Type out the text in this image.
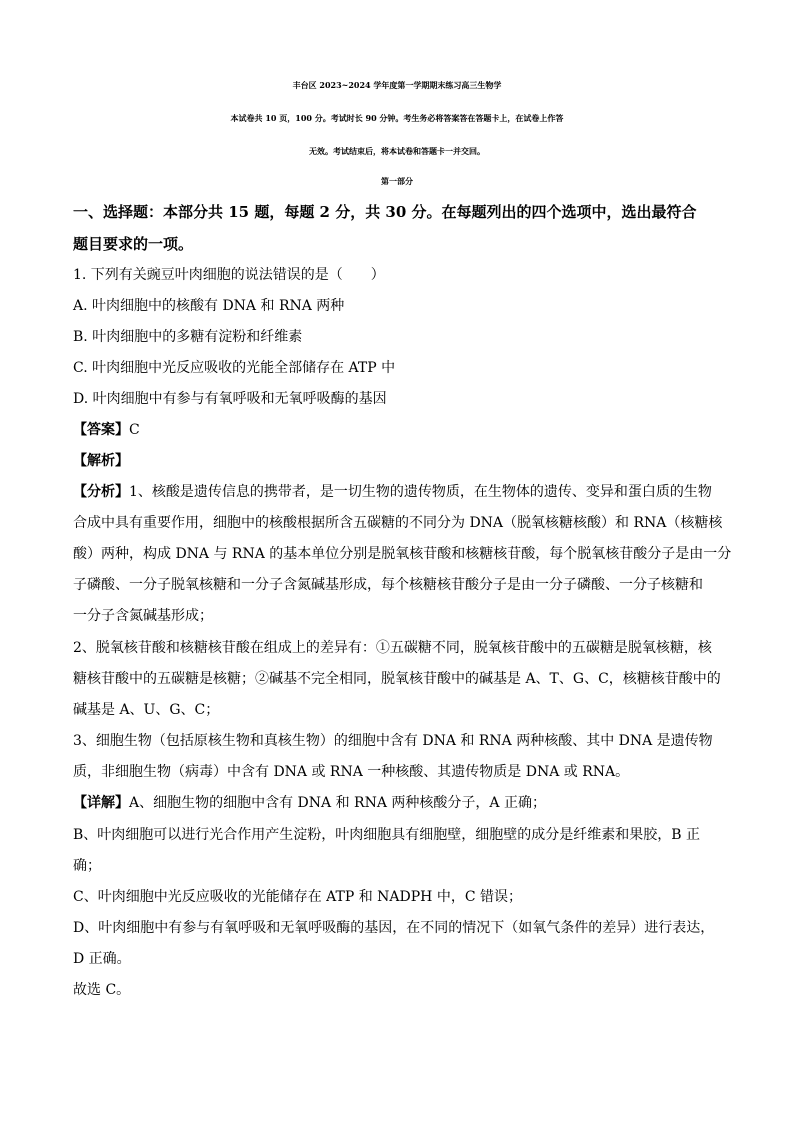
丰台区 2023~2024 学年度第一学期期末练习高三生物学
本试卷共 10 页，100 分。考试时长 90 分钟。考生务必将答案答在答题卡上，在试卷上作答
无效。考试结束后，将本试卷和答题卡一并交回。
第一部分
一、选择题：本部分共 15 题，每题 2 分，共 30 分。在每题列出的四个选项中，选出最符合
题目要求的一项。
1. 下列有关豌豆叶肉细胞的说法错误的是（　　）
A. 叶肉细胞中的核酸有 DNA 和 RNA 两种
B. 叶肉细胞中的多糖有淀粉和纤维素
C. 叶肉细胞中光反应吸收的光能全部储存在 ATP 中
D. 叶肉细胞中有参与有氧呼吸和无氧呼吸酶的基因
【答案】C
【解析】
【分析】1、核酸是遗传信息的携带者，是一切生物的遗传物质，在生物体的遗传、变异和蛋白质的生物
合成中具有重要作用，细胞中的核酸根据所含五碳糖的不同分为 DNA（脱氧核糖核酸）和 RNA（核糖核
酸）两种，构成 DNA 与 RNA 的基本单位分别是脱氧核苷酸和核糖核苷酸，每个脱氧核苷酸分子是由一分
子磷酸、一分子脱氧核糖和一分子含氮碱基形成，每个核糖核苷酸分子是由一分子磷酸、一分子核糖和
一分子含氮碱基形成；
2、脱氧核苷酸和核糖核苷酸在组成上的差异有：①五碳糖不同，脱氧核苷酸中的五碳糖是脱氧核糖，核
糖核苷酸中的五碳糖是核糖；②碱基不完全相同，脱氧核苷酸中的碱基是 A、T、G、C，核糖核苷酸中的
碱基是 A、U、G、C；
3、细胞生物（包括原核生物和真核生物）的细胞中含有 DNA 和 RNA 两种核酸、其中 DNA 是遗传物
质，非细胞生物（病毒）中含有 DNA 或 RNA 一种核酸、其遗传物质是 DNA 或 RNA。
【详解】A、细胞生物的细胞中含有 DNA 和 RNA 两种核酸分子，A 正确；
B、叶肉细胞可以进行光合作用产生淀粉，叶肉细胞具有细胞壁，细胞壁的成分是纤维素和果胶，B 正
确；
C、叶肉细胞中光反应吸收的光能储存在 ATP 和 NADPH 中，C 错误；
D、叶肉细胞中有参与有氧呼吸和无氧呼吸酶的基因，在不同的情况下（如氧气条件的差异）进行表达，
D 正确。
故选 C。
